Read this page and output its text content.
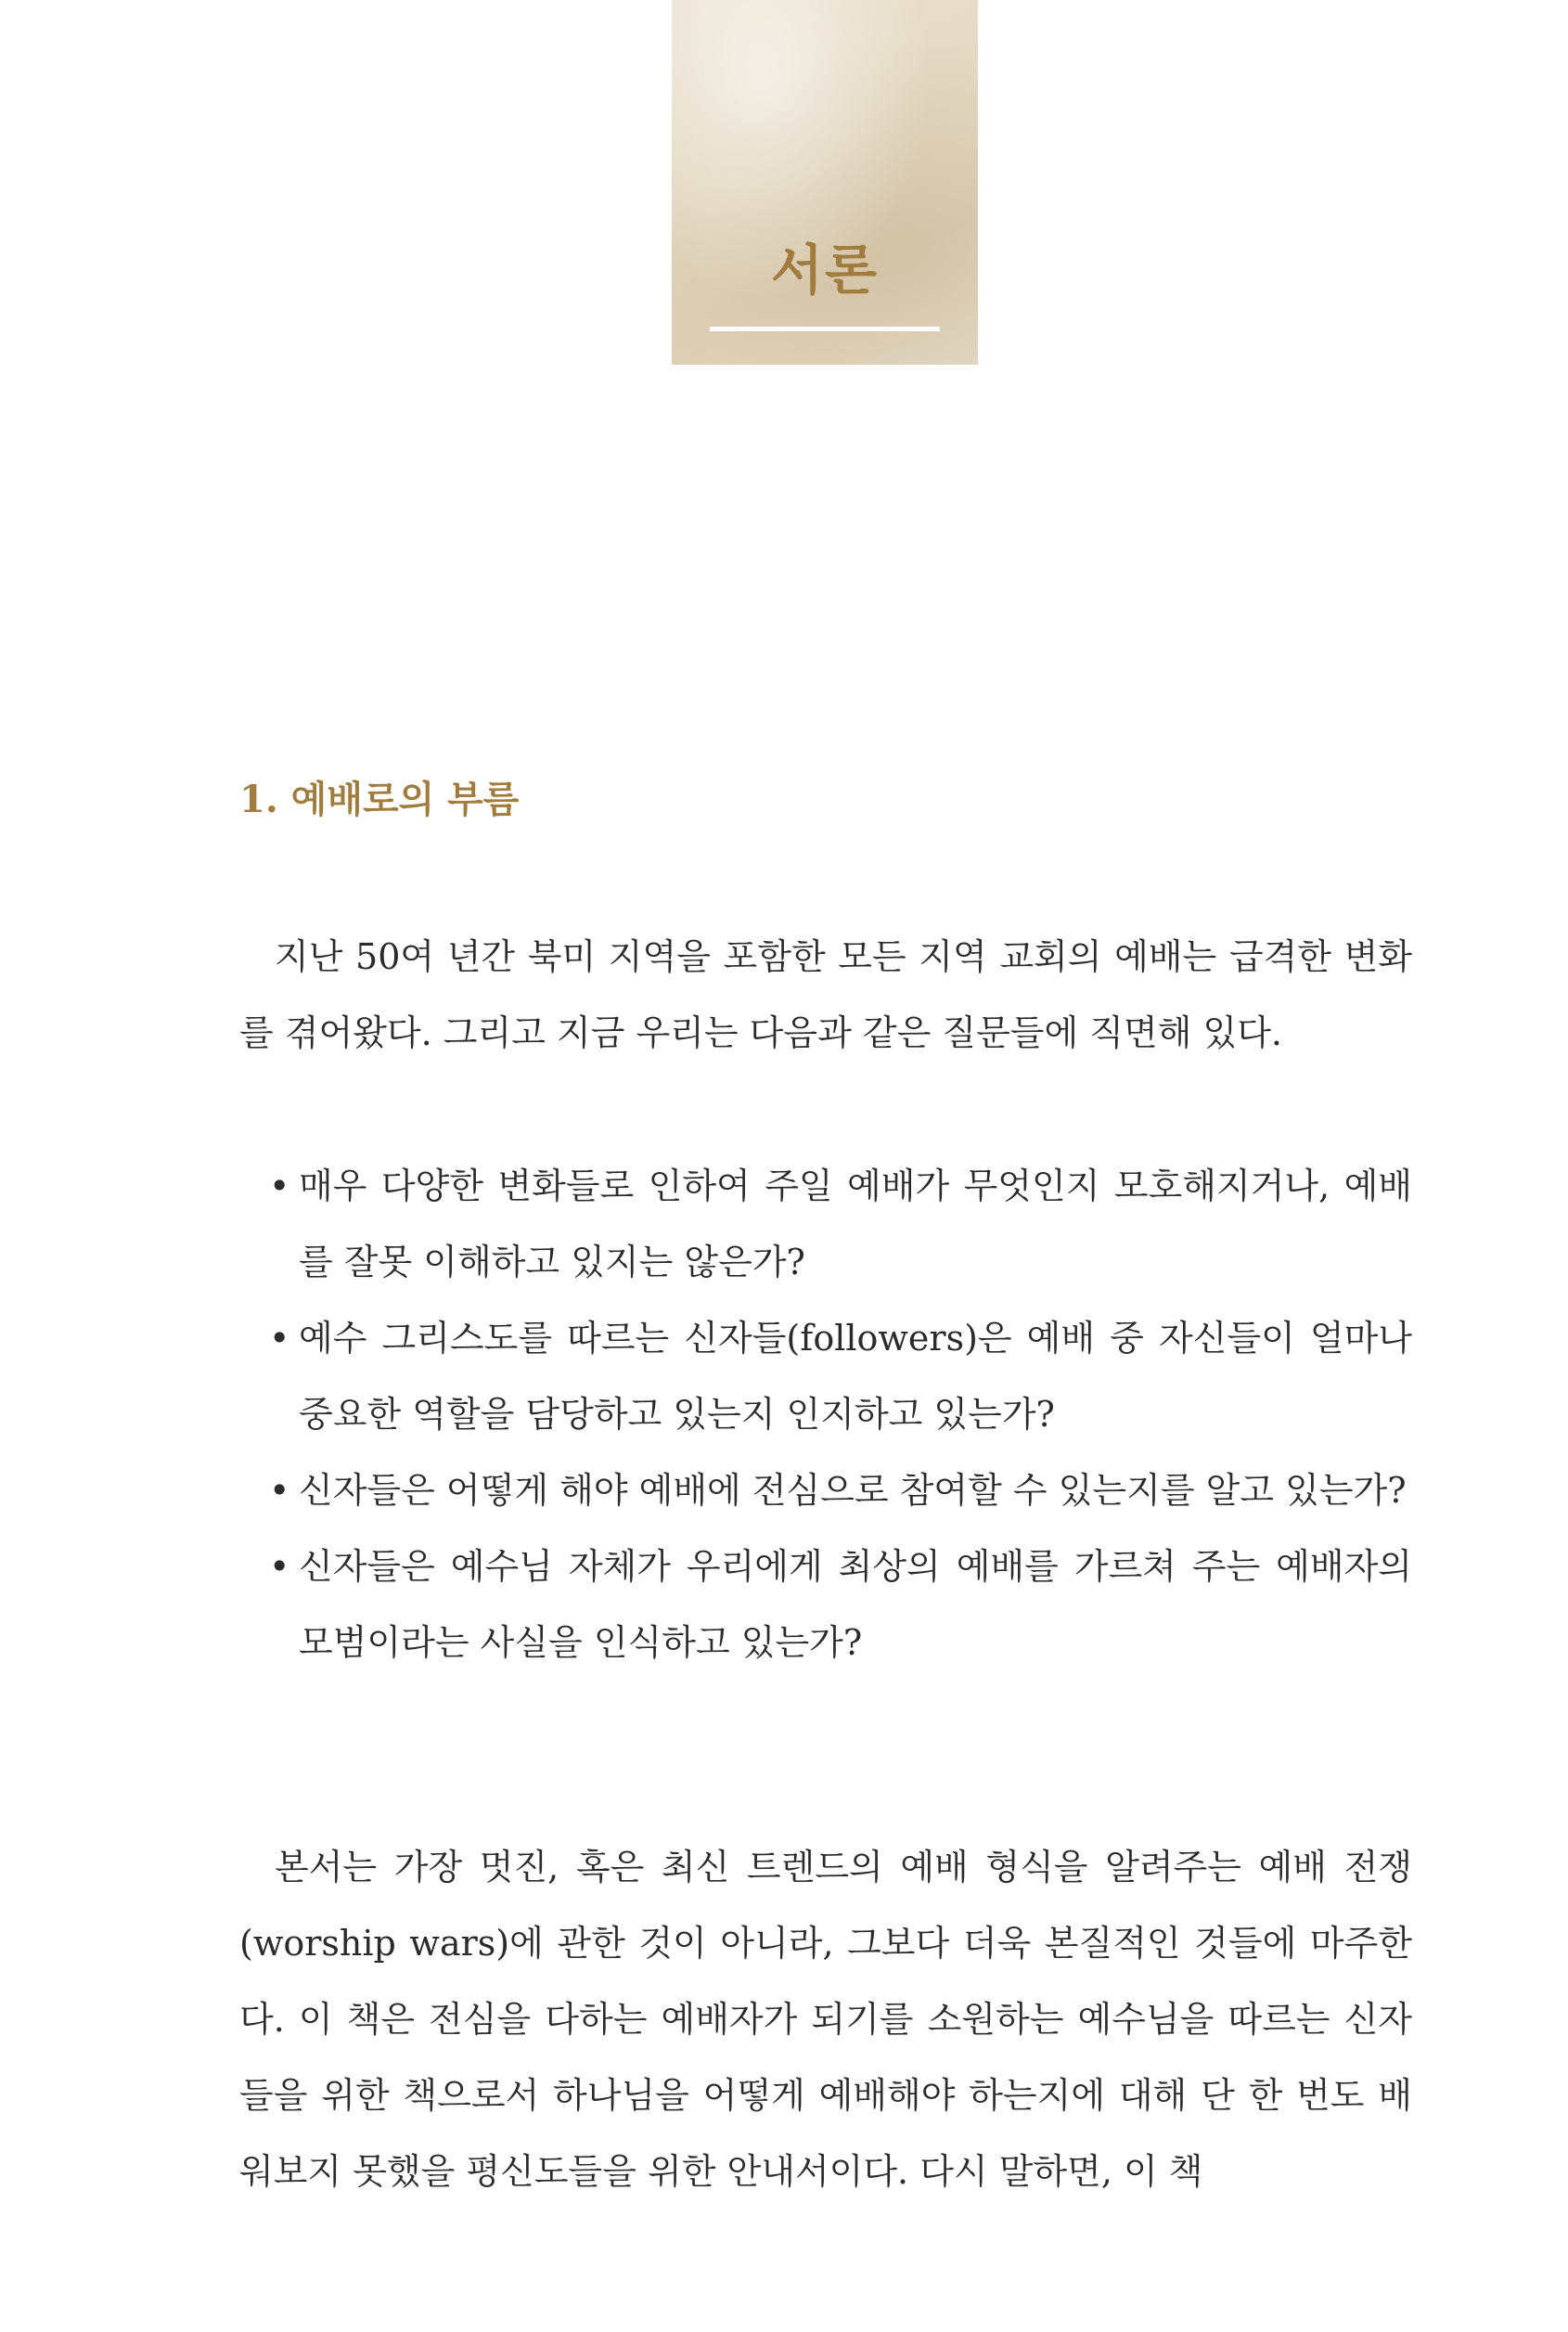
서론
1. 예배로의 부름

지난 50여 년간 북미 지역을 포함한 모든 지역 교회의 예배는 급격한 변화를 겪어왔다. 그리고 지금 우리는 다음과 같은 질문들에 직면해 있다.

• 매우 다양한 변화들로 인하여 주일 예배가 무엇인지 모호해지거나, 예배를 잘못 이해하고 있지는 않은가?
• 예수 그리스도를 따르는 신자들(followers)은 예배 중 자신들이 얼마나 중요한 역할을 담당하고 있는지 인지하고 있는가?
• 신자들은 어떻게 해야 예배에 전심으로 참여할 수 있는지를 알고 있는가?
• 신자들은 예수님 자체가 우리에게 최상의 예배를 가르쳐 주는 예배자의 모범이라는 사실을 인식하고 있는가?

본서는 가장 멋진, 혹은 최신 트렌드의 예배 형식을 알려주는 예배 전쟁(worship wars)에 관한 것이 아니라, 그보다 더욱 본질적인 것들에 마주한다. 이 책은 전심을 다하는 예배자가 되기를 소원하는 예수님을 따르는 신자들을 위한 책으로서 하나님을 어떻게 예배해야 하는지에 대해 단 한 번도 배워보지 못했을 평신도들을 위한 안내서이다. 다시 말하면, 이 책
